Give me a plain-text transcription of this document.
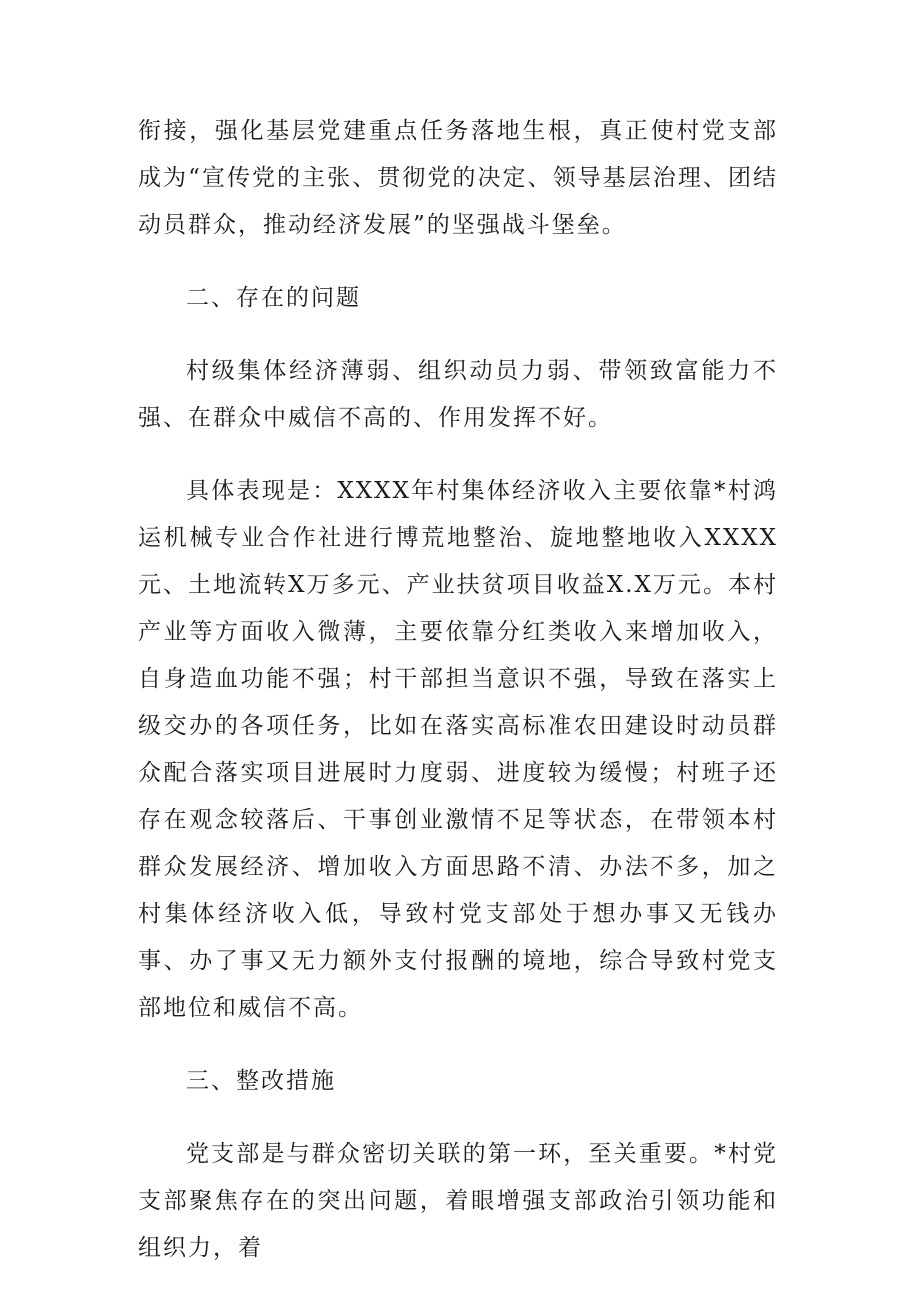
衔接，强化基层党建重点任务落地生根，真正使村党支部成为“宣传党的主张、贯彻党的决定、领导基层治理、团结动员群众，推动经济发展”的坚强战斗堡垒。

二、存在的问题

村级集体经济薄弱、组织动员力弱、带领致富能力不强、在群众中威信不高的、作用发挥不好。

具体表现是：XXXX年村集体经济收入主要依靠*村鸿运机械专业合作社进行博荒地整治、旋地整地收入XXXX元、土地流转X万多元、产业扶贫项目收益X.X万元。本村产业等方面收入微薄，主要依靠分红类收入来增加收入，自身造血功能不强；村干部担当意识不强，导致在落实上级交办的各项任务，比如在落实高标准农田建设时动员群众配合落实项目进展时力度弱、进度较为缓慢；村班子还存在观念较落后、干事创业激情不足等状态，在带领本村群众发展经济、增加收入方面思路不清、办法不多，加之村集体经济收入低，导致村党支部处于想办事又无钱办事、办了事又无力额外支付报酬的境地，综合导致村党支部地位和威信不高。

三、整改措施

党支部是与群众密切关联的第一环，至关重要。*村党支部聚焦存在的突出问题，着眼增强支部政治引领功能和组织力，着
